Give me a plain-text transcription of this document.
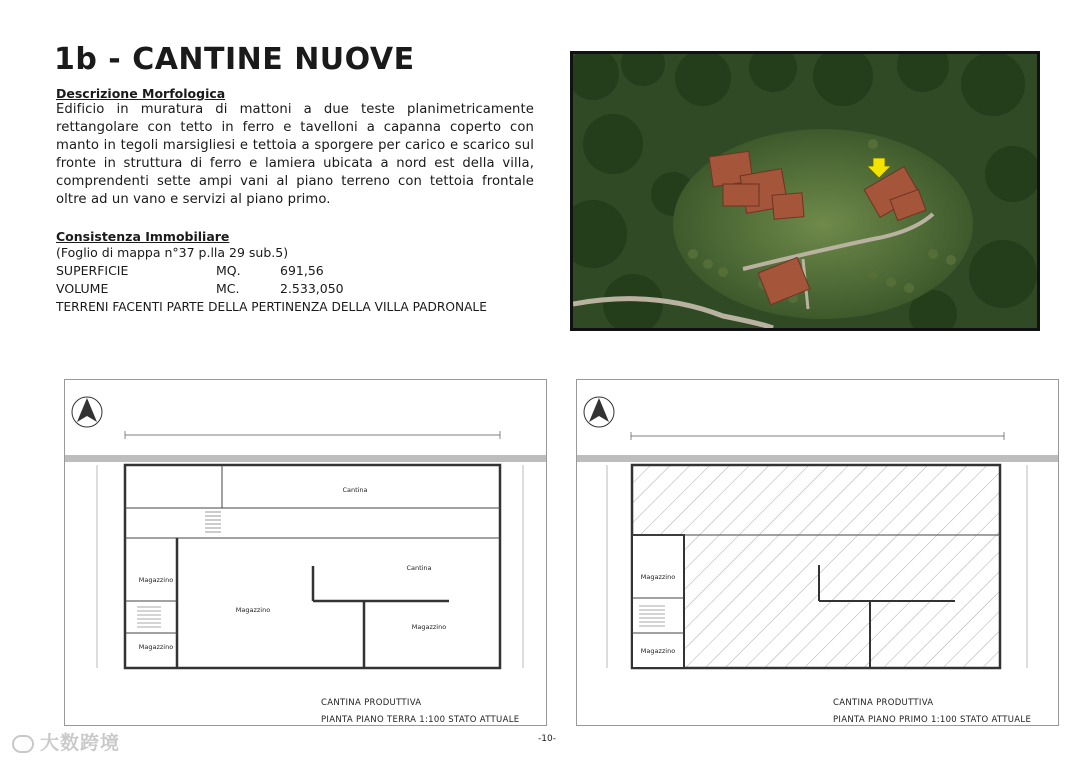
1b - CANTINE NUOVE

Descrizione Morfologica

Edificio in muratura di mattoni a due teste planimetricamente rettangolare con tetto in ferro e tavelloni a capanna coperto con manto in tegoli marsigliesi e tettoia a sporgere per carico e scarico sul fronte in struttura di ferro e lamiera ubicata a nord est della villa, comprendenti sette ampi vani al piano terreno con tettoia frontale oltre ad un vano e servizi al piano primo.

Consistenza Immobiliare

(Foglio di mappa n°37 p.lla 29 sub.5)

SUPERFICIE	MQ.	691,56
VOLUME	MC.	2.533,050

TERRENI FACENTI PARTE DELLA PERTINENZA DELLA VILLA PADRONALE

Cantina
Magazzino
Magazzino
Cantina
Magazzino
Magazzino
CANTINA PRODUTTIVA
PIANTA PIANO TERRA 1:100 STATO ATTUALE
Magazzino
Magazzino
CANTINA PRODUTTIVA
PIANTA PIANO PRIMO 1:100 STATO ATTUALE
-10-
大数跨境
